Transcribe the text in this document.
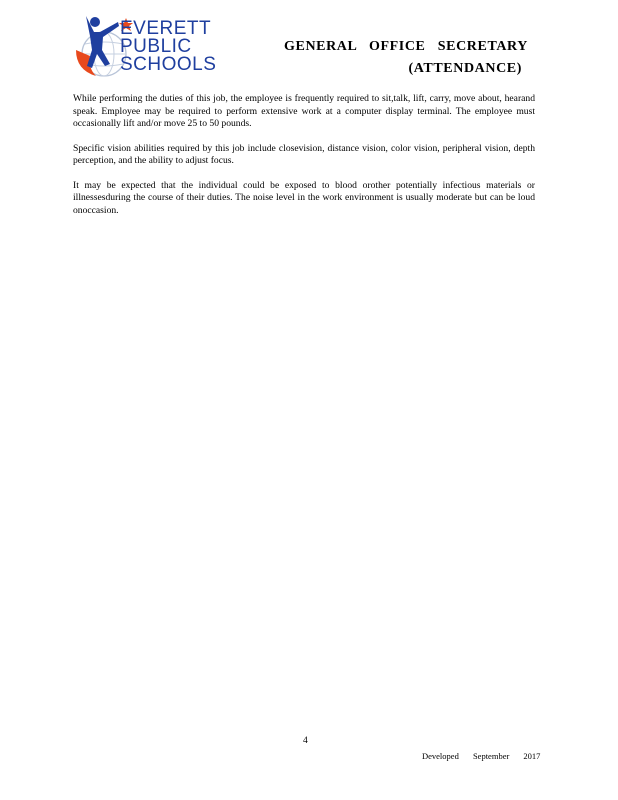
EVERETT
PUBLIC
SCHOOLS
GENERAL   OFFICE   SECRETARY
(ATTENDANCE)

While performing the duties of this job, the employee is frequently required to sit,talk, lift, carry, move about, hearand speak. Employee may be required to perform extensive work at a computer display terminal. The employee must occasionally lift and/or move 25 to 50 pounds.

Specific vision abilities required by this job include closevision, distance vision, color vision, peripheral vision, depth perception, and the ability to adjust focus.

It may be expected that the individual could be exposed to blood orother potentially infectious materials or illnessesduring the course of their duties. The noise level in the work environment is usually moderate but can be loud onoccasion.

4
Developed September 2017
